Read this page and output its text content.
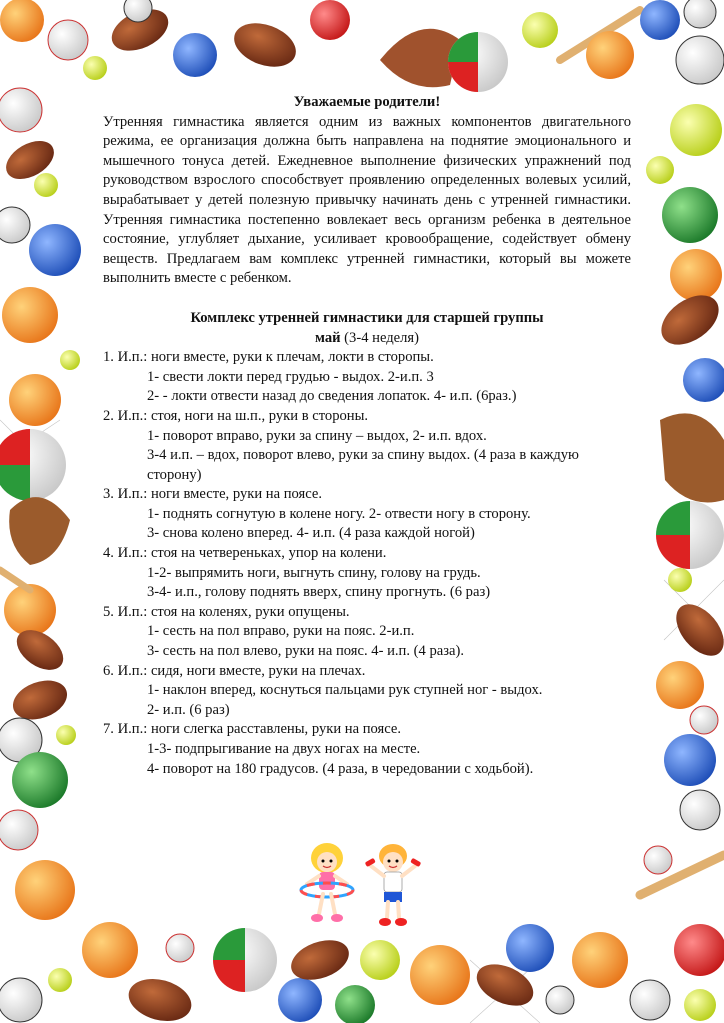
Уважаемые родители!
Утренняя гимнастика является одним из важных компонентов двигательного режима, ее организация должна быть направлена на поднятие эмоционального и мышечного тонуса детей. Ежедневное выполнение физических упражнений под руководством взрослого способствует проявлению определенных волевых усилий, вырабатывает у детей полезную привычку начинать день с утренней гимнастики. Утренняя гимнастика постепенно вовлекает весь организм ребенка в деятельное состояние, углубляет дыхание, усиливает кровообращение, содействует обмену веществ. Предлагаем вам комплекс утренней гимнастики, который вы можете выполнить вместе с ребенком.
Комплекс утренней гимнастики для старшей группы
май (3-4 неделя)
1. И.п.: ноги вместе, руки к плечам, локти в сторопы.
1- свести локти перед грудью - выдох. 2-и.п. 3
2- - локти отвести назад до сведения лопаток. 4- и.п. (6раз.)
2. И.п.: стоя, ноги на ш.п., руки в стороны.
1- поворот вправо, руки за спину – выдох, 2- и.п. вдох.
3-4 и.п. – вдох, поворот влево, руки за спину выдох. (4 раза в каждую сторону)
3. И.п.: ноги вместе, руки на поясе.
1- поднять согнутую в колене ногу. 2- отвести ногу в сторону.
3- снова колено вперед. 4- и.п. (4 раза каждой ногой)
4. И.п.: стоя на четвереньках, упор на колени.
1-2- выпрямить ноги, выгнуть спину, голову на грудь.
3-4- и.п., голову поднять вверх, спину прогнуть. (6 раз)
5. И.п.: стоя на коленях, руки опущены.
1- сесть на пол вправо, руки на пояс. 2-и.п.
3- сесть на пол влево, руки на пояс. 4- и.п. (4 раза).
6. И.п.: сидя, ноги вместе, руки на плечах.
1- наклон вперед, коснуться пальцами рук ступней ног - выдох.
2- и.п. (6 раз)
7. И.п.: ноги слегка расставлены, руки на поясе.
1-3- подпрыгивание на двух ногах на месте.
4- поворот на 180 градусов. (4 раза, в чередовании с ходьбой).
